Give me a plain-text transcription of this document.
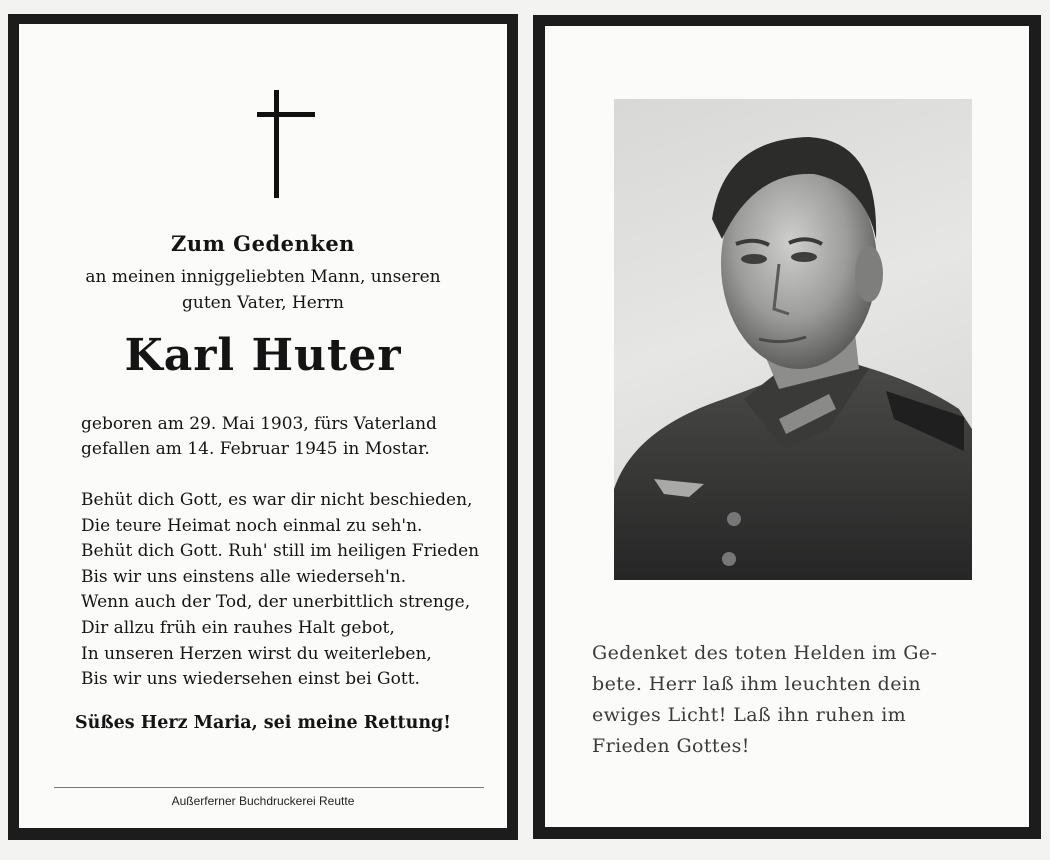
Zum Gedenken
an meinen inniggeliebten Mann, unseren
guten Vater, Herrn
Karl Huter
geboren am 29. Mai 1903, fürs Vaterland
gefallen am 14. Februar 1945 in Mostar.
Behüt dich Gott, es war dir nicht beschieden,
Die teure Heimat noch einmal zu seh'n.
Behüt dich Gott. Ruh' still im heiligen Frieden
Bis wir uns einstens alle wiederseh'n.
Wenn auch der Tod, der unerbittlich strenge,
Dir allzu früh ein rauhes Halt gebot,
In unseren Herzen wirst du weiterleben,
Bis wir uns wiedersehen einst bei Gott.
Süßes Herz Maria, sei meine Rettung!
Außerferner Buchdruckerei Reutte
Gedenket des toten Helden im Ge-
bete. Herr laß ihm leuchten dein
ewiges Licht! Laß ihn ruhen im
Frieden Gottes!
